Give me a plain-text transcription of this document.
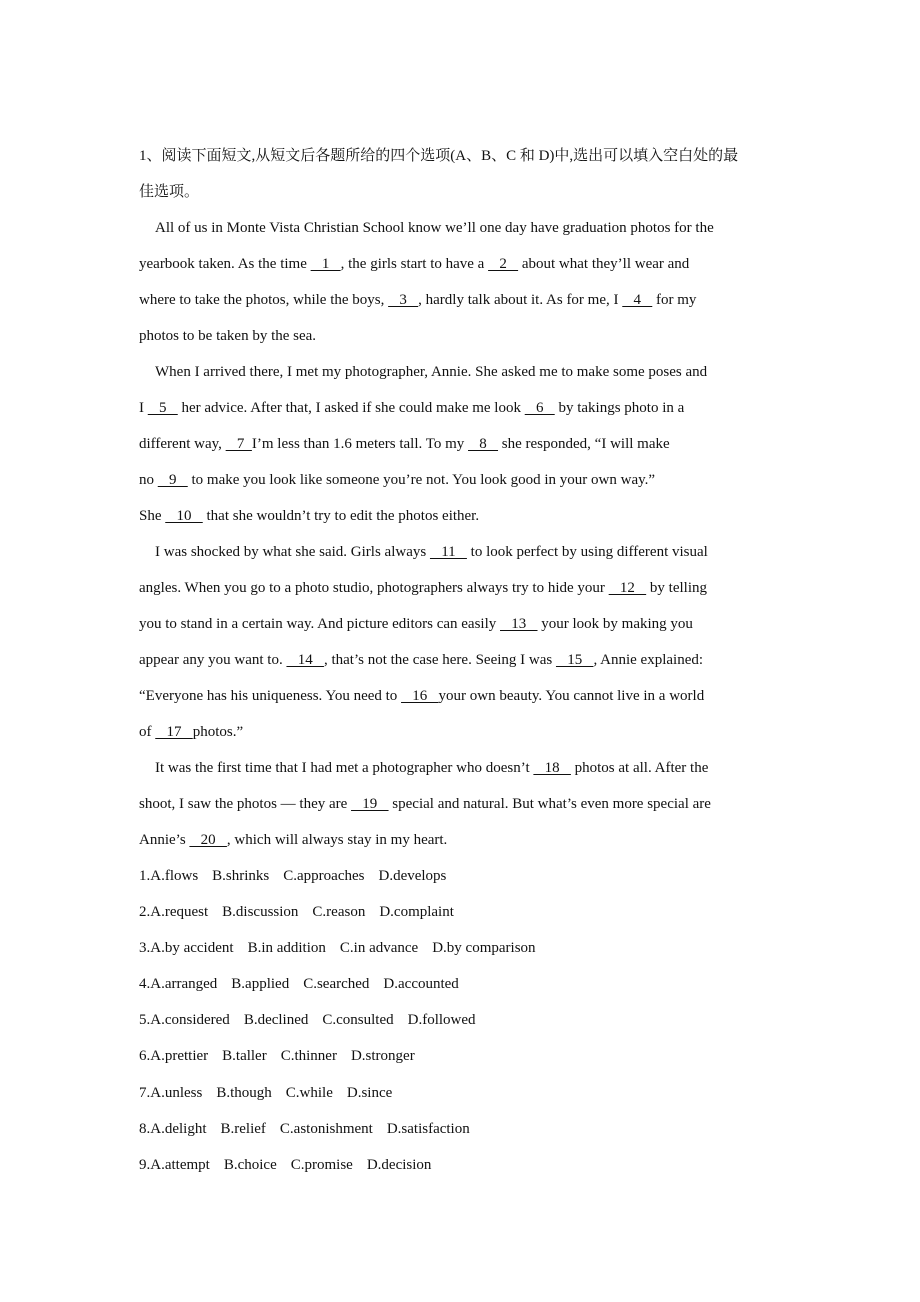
1、阅读下面短文,从短文后各题所给的四个选项(A、B、C 和 D)中,选出可以填入空白处的最
佳选项。
All of us in Monte Vista Christian School know we’ll one day have graduation photos for the
yearbook taken. As the time    1   , the girls start to have a    2    about what they’ll wear and
where to take the photos, while the boys,    3   , hardly talk about it. As for me, I    4    for my
photos to be taken by the sea.
When I arrived there, I met my photographer, Annie. She asked me to make some poses and
I    5    her advice. After that, I asked if she could make me look    6    by takings photo in a
different way,    7  I’m less than 1.6 meters tall. To my    8    she responded, “I will make
no    9    to make you look like someone you’re not. You look good in your own way.”
She    10    that she wouldn’t try to edit the photos either.
I was shocked by what she said. Girls always    11    to look perfect by using different visual
angles. When you go to a photo studio, photographers always try to hide your    12    by telling
you to stand in a certain way. And picture editors can easily    13    your look by making you
appear any you want to.    14   , that’s not the case here. Seeing I was    15   , Annie explained:
“Everyone has his uniqueness. You need to    16   your own beauty. You cannot live in a world
of    17   photos.”
It was the first time that I had met a photographer who doesn’t    18    photos at all. After the
shoot, I saw the photos — they are    19    special and natural. But what’s even more special are
Annie’s    20   , which will always stay in my heart.
1.A.flows B.shrinks C.approaches D.develops
2.A.request B.discussion C.reason D.complaint
3.A.by accident B.in addition C.in advance D.by comparison
4.A.arranged B.applied C.searched D.accounted
5.A.considered B.declined C.consulted D.followed
6.A.prettier B.taller C.thinner D.stronger
7.A.unless B.though C.while D.since
8.A.delight B.relief C.astonishment D.satisfaction
9.A.attempt B.choice C.promise D.decision
